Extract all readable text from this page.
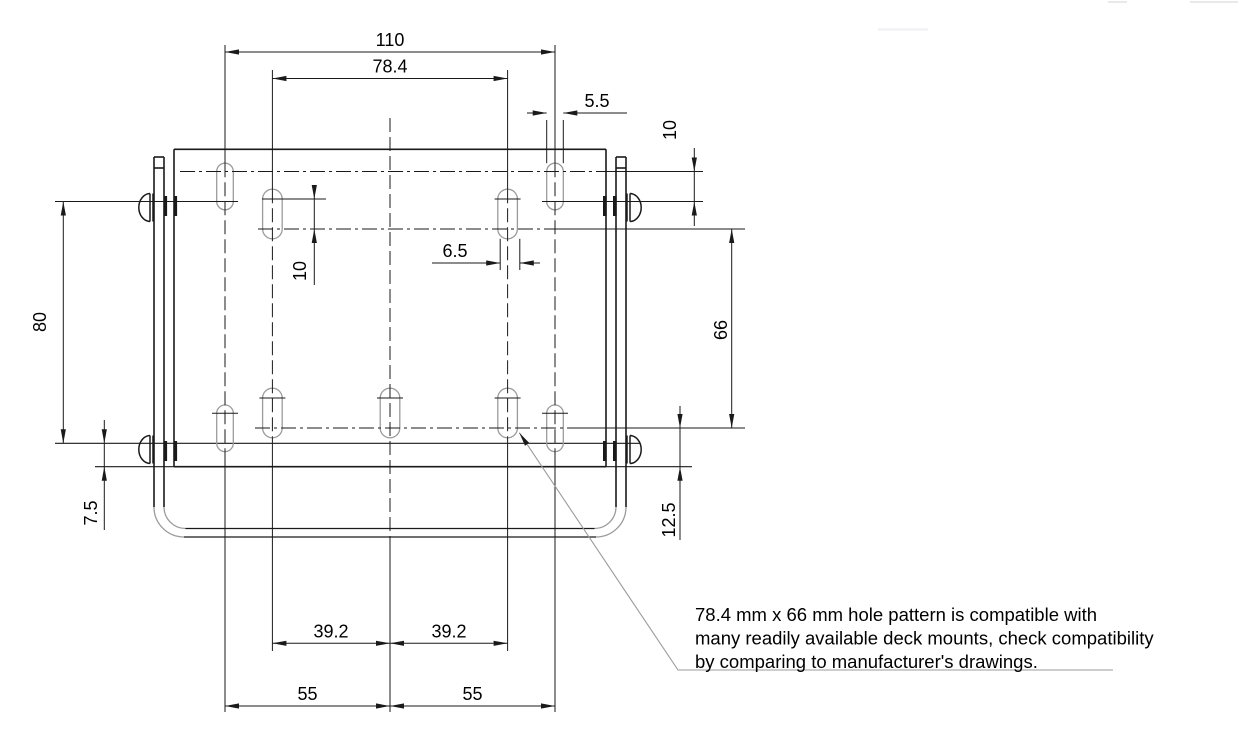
110
78.4
5.5
6.5
39.2	39.2
55	55
80
7.5
10
10
66
12.5
78.4 mm x 66 mm hole pattern is compatible with
many readily available deck mounts, check compatibility
by comparing to manufacturer's drawings.
